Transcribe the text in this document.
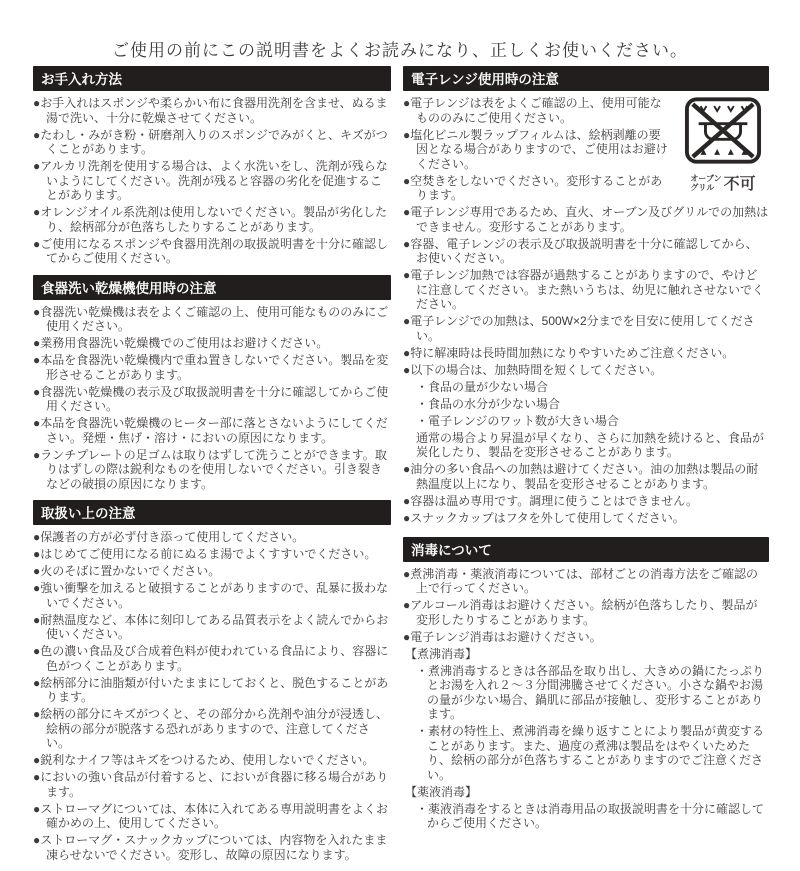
ご使用の前にこの説明書をよくお読みになり、正しくお使いください。
お手入れ方法
●お手入れはスポンジや柔らかい布に食器用洗剤を含ませ、ぬるま湯で洗い、十分に乾燥させてください。
●たわし・みがき粉・研磨剤入りのスポンジでみがくと、キズがつくことがあります。
●アルカリ洗剤を使用する場合は、よく水洗いをし、洗剤が残らないようにしてください。洗剤が残ると容器の劣化を促進することがあります。
●オレンジオイル系洗剤は使用しないでください。製品が劣化したり、絵柄部分が色落ちしたりすることがあります。
●ご使用になるスポンジや食器用洗剤の取扱説明書を十分に確認してからご使用ください。
食器洗い乾燥機使用時の注意
●食器洗い乾燥機は表をよくご確認の上、使用可能なもののみにご使用ください。
●業務用食器洗い乾燥機でのご使用はお避けください。
●本品を食器洗い乾燥機内で重ね置きしないでください。製品を変形させることがあります。
●食器洗い乾燥機の表示及び取扱説明書を十分に確認してからご使用ください。
●本品を食器洗い乾燥機のヒーター部に落とさないようにしてください。発煙・焦げ・溶け・においの原因になります。
●ランチプレートの足ゴムは取りはずして洗うことができます。取りはずしの際は鋭利なものを使用しないでください。引き裂きなどの破損の原因になります。
取扱い上の注意
●保護者の方が必ず付き添って使用してください。
●はじめてご使用になる前にぬるま湯でよくすすいでください。
●火のそばに置かないでください。
●強い衝撃を加えると破損することがありますので、乱暴に扱わないでください。
●耐熱温度など、本体に刻印してある品質表示をよく読んでからお使いください。
●色の濃い食品及び合成着色料が使われている食品により、容器に色がつくことがあります。
●絵柄部分に油脂類が付いたままにしておくと、脱色することがあります。
●絵柄の部分にキズがつくと、その部分から洗剤や油分が浸透し、絵柄の部分が脱落する恐れがありますので、注意してください。
●鋭利なナイフ等はキズをつけるため、使用しないでください。
●においの強い食品が付着すると、においが食器に移る場合があります。
●ストローマグについては、本体に入れてある専用説明書をよくお確かめの上、使用してください。
●ストローマグ・スナックカップについては、内容物を入れたまま凍らせないでください。変形し、故障の原因になります。
電子レンジ使用時の注意
オーブン
グリル 不可
●電子レンジは表をよくご確認の上、使用可能なもののみにご使用ください。
●塩化ビニル製ラップフィルムは、絵柄剥離の要因となる場合がありますので、ご使用はお避けください。
●空焚きをしないでください。変形することがあります。
●電子レンジ専用であるため、直火、オーブン及びグリルでの加熱はできません。変形することがあります。
●容器、電子レンジの表示及び取扱説明書を十分に確認してから、お使いください。
●電子レンジ加熱では容器が過熱することがありますので、やけどに注意してください。また熱いうちは、幼児に触れさせないでください。
●電子レンジでの加熱は、500W×2分までを目安に使用してください。
●特に解凍時は長時間加熱になりやすいためご注意ください。
●以下の場合は、加熱時間を短くしてください。
・食品の量が少ない場合
・食品の水分が少ない場合
・電子レンジのワット数が大きい場合
通常の場合より昇温が早くなり、さらに加熱を続けると、食品が炭化したり、製品を変形させることがあります。
●油分の多い食品への加熱は避けてください。油の加熱は製品の耐熱温度以上になり、製品を変形させることがあります。
●容器は温め専用です。調理に使うことはできません。
●スナックカップはフタを外して使用してください。
消毒について
●煮沸消毒・薬液消毒については、部材ごとの消毒方法をご確認の上で行ってください。
●アルコール消毒はお避けください。絵柄が色落ちしたり、製品が変形したりすることがあります。
●電子レンジ消毒はお避けください。
【煮沸消毒】
・煮沸消毒するときは各部品を取り出し、大きめの鍋にたっぷりとお湯を入れ２～３分間沸騰させてください。小さな鍋やお湯の量が少ない場合、鍋肌に部品が接触し、変形することがあります。
・素材の特性上、煮沸消毒を繰り返すことにより製品が黄変することがあります。また、過度の煮沸は製品をはやくいためたり、絵柄の部分が色落ちすることがありますのでご注意ください。
【薬液消毒】
・薬液消毒をするときは消毒用品の取扱説明書を十分に確認してからご使用ください。
